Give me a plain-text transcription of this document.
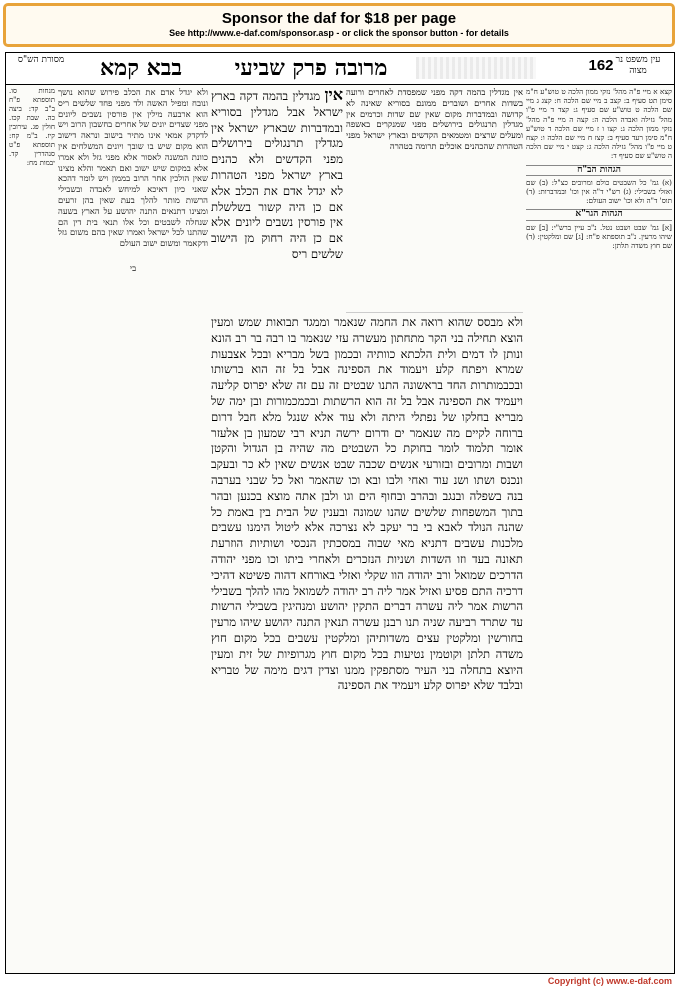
Sponsor the daf for $18 per page
See http://www.e-daf.com/sponsor.asp - or click the sponsor button - for details
מסורת הש"ס	בבא קמא	מרובה פרק שביעי	162 עין משפט נר מצוה
מנחות סו. תוספתא פ"ח ב"ב קד: ביצה כה. שבת קכז. חולין פג. עירובין קיז. ב"מ קח: תוספתא פ"ט סנהדרין קד. יבמות מח:
ולא יגדל אדם את הכלב פירוש שהוא נושך ונובח ומפיל האשה ולד מפני פחד שלשים ריס הוא ארבעה מילין אין פורסין נשבים ליונים מפני שצדים יונים של אחרים בחשבון הרוב ויש לדקדק אמאי אינו מתיר בישוב ונראה דישוב הוא מקום שיש בו שובך ויונים המשלחים אין כוונת המשנה לאסור אלא מפני גזל ולא אמרו אלא במקום שיש ישוב ואם תאמר והלא מצינו שאין הולכין אחר הרוב בממון ויש לומר דהכא שאני כיון דאיכא למיחש לאבדה ובשבילי הרשות מותר להלך בעת שאין בהן זרעים ומצינו דתנאים התנה יהושע על הארץ בשעה שנחלה לשבטים וכל אלו תנאי בית דין הם שהתנו לכל ישראל ואמרו שאין בהם משום גזל ודקאמר ומשום ישוב העולם
בי
אין מגדלין בהמה דקה בארץ ישראל אבל מגדלין בסוריא ובמדברות שבארץ ישראל אין מגדלין תרנגולים בירושלים מפני הקדשים ולא כהנים בארץ ישראל מפני הטהרות לא יגדל אדם את הכלב אלא אם כן היה קשור בשלשלת אין פורסין נשבים ליונים אלא אם כן היה רחוק מן הישוב שלשים ריס
אין מגדלין בהמה דקה מפני שמפסדת לאחרים ורועה בשדות אחרים ושוברים ממונם בסוריא שאינה לא קדושה ובמדברות מקום שאין שם שדות וכרמים אין מגדלין תרנגולים בירושלים מפני שמנקרים באשפה ומעלים שרצים ומטמאים הקדשים ובארץ ישראל מפני הטהרות שהכהנים אוכלים תרומה בטהרה
ולא מבסס שהוא רואה את החמה שנאמר וממגד תבואות שמש ומעין הוצא תחילה בני הקר מתחתון מעשרה עזי שנאמר בו רבה בר רב הונא ונותן לו דמים ולית הלכתא כוותיה ובכמון בשל מבריא ובכל אצבעות שמרא ויפתח קלע ויעמוד את הספינה אבל בל זה הוא ברשותו ובכבמותרות החד בראשונה התנו שבטים זה עם זה שלא יפרוס קליעה ויעמיד את הספינה אבל בל זה הוא הרשתות ובכמכמורות ובן ימה של מבריא בחלקו של נפתלי היתה ולא עוד אלא שנגל מלא חבל דרום ברוחה לקיים מה שנאמר ים ודרום ירשה תניא רבי שמעון בן אלעזר אומר תלמוד לומר בחוקת כל השבטים מה שהיה בן הגדול והקטן ושבות ומרובים ובזורעי אנשים שכבה שבט אנשים שאין לא כר ובעקב ונכנס ושתו ושנ עוד ואחי ולבו ובא וכו שהאמר ואל כל שבני בערבה בנה בשפלה ובנגב ובהרב ובחוף הים וגו ולבן אתה מוצא בכנען ובהר בתוך המשפחות שלשים שהנו שמונה ובענין של הבית בין באמת כל שהנה הנולד לאבא בי בר יעקב לא נצרכה אלא ליטול הימנו עשבים מלכנות עשבים דתניא מאי שבוה במסכתין הנכסי ושותיות הוזרעת תאונה בעד וזו השדות ושניות הנזכרים ולאחרי ביתו וכו מפני יהודה הדרכים שמואל ורב יהודה הוו שקלי ואזלי באורחא דהוה פשיטא דהיכי דרכיה התם פסיע ואזיל אמר ליה רב יהודה לשמואל מהו להלך בשבילי הרשות אמר ליה עשרה דברים התקין יהושע ומנהיגין בשבילי הרשות עד שתרד רביעה שניה תנו רבנן עשרה תנאין התנה יהושע שיהו מרעין בחורשין ומלקטין עצים משדותיהן ומלקטין עשבים בכל מקום חוץ משדה תלתן וקוטמין נטיעות בכל מקום חוץ מגרופיות של זית ומעין היוצא בתחלה בני העיר מסתפקין ממנו וצדין דגים מימה של טבריא ובלבד שלא יפרוס קלע ויעמיד את הספינה
קצא א מיי פ"ה מהל' נזקי ממון הלכה ט טוש"ע ח"מ סימן תט סעיף ב: קצב ב מיי שם הלכה ח: קצג ג מיי שם הלכה ט טוש"ע שם סעיף ג: קצד ד מיי פ"ו מהל' גזילה ואבדה הלכה ה: קצה ה מיי פ"ה מהל' נזקי ממון הלכה ג: קצו ו ז מיי שם הלכה ד טוש"ע ח"מ סימן רעד סעיף ב: קצז ח מיי שם הלכה ו: קצח ט מיי פ"ו מהל' גזילה הלכה ג: קצט י מיי שם הלכה ה טוש"ע שם סעיף ד:
הגהות הב"ח
(א) גמ' כל השבטים כולם ומרובים כצ"ל: (ב) שם ואזלי בשבילי: (ג) רש"י ד"ה אין וכו' ובמדברות: (ד) תוס' ד"ה ולא וכו' ישוב העולם:
הגהות הגר"א
[א] גמ' שבט ושבט נטל. נ"ב עיין ברש"י: [ב] שם שיהו מרעין. נ"ב תוספתא פ"ח: [ג] שם ומלקטין: (ד) שם חוץ משדה תלתן:
Copyright (c) www.e-daf.com
